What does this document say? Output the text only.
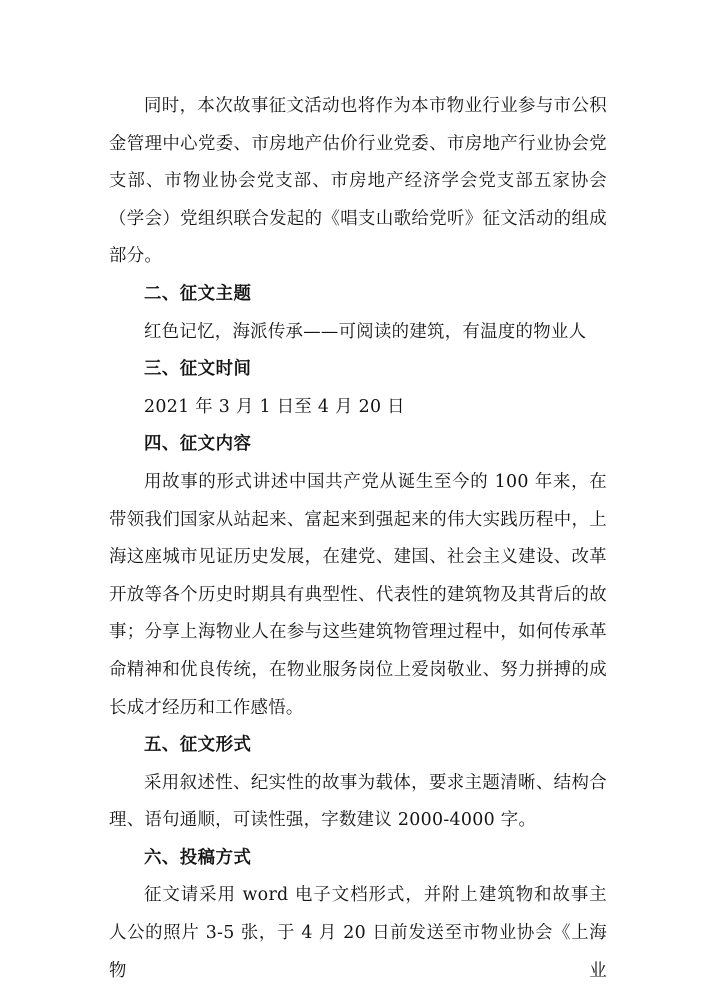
同时，本次故事征文活动也将作为本市物业行业参与市公积金管理中心党委、市房地产估价行业党委、市房地产行业协会党支部、市物业协会党支部、市房地产经济学会党支部五家协会（学会）党组织联合发起的《唱支山歌给党听》征文活动的组成部分。

二、征文主题

红色记忆，海派传承——可阅读的建筑，有温度的物业人

三、征文时间

2021 年 3 月 1 日至 4 月 20 日

四、征文内容

用故事的形式讲述中国共产党从诞生至今的 100 年来，在带领我们国家从站起来、富起来到强起来的伟大实践历程中，上海这座城市见证历史发展，在建党、建国、社会主义建设、改革开放等各个历史时期具有典型性、代表性的建筑物及其背后的故事；分享上海物业人在参与这些建筑物管理过程中，如何传承革命精神和优良传统，在物业服务岗位上爱岗敬业、努力拼搏的成长成才经历和工作感悟。

五、征文形式

采用叙述性、纪实性的故事为载体，要求主题清晰、结构合理、语句通顺，可读性强，字数建议 2000-4000 字。

六、投稿方式

征文请采用 word 电子文档形式，并附上建筑物和故事主人公的照片 3-5 张，于 4 月 20 日前发送至市物业协会《上海物业
